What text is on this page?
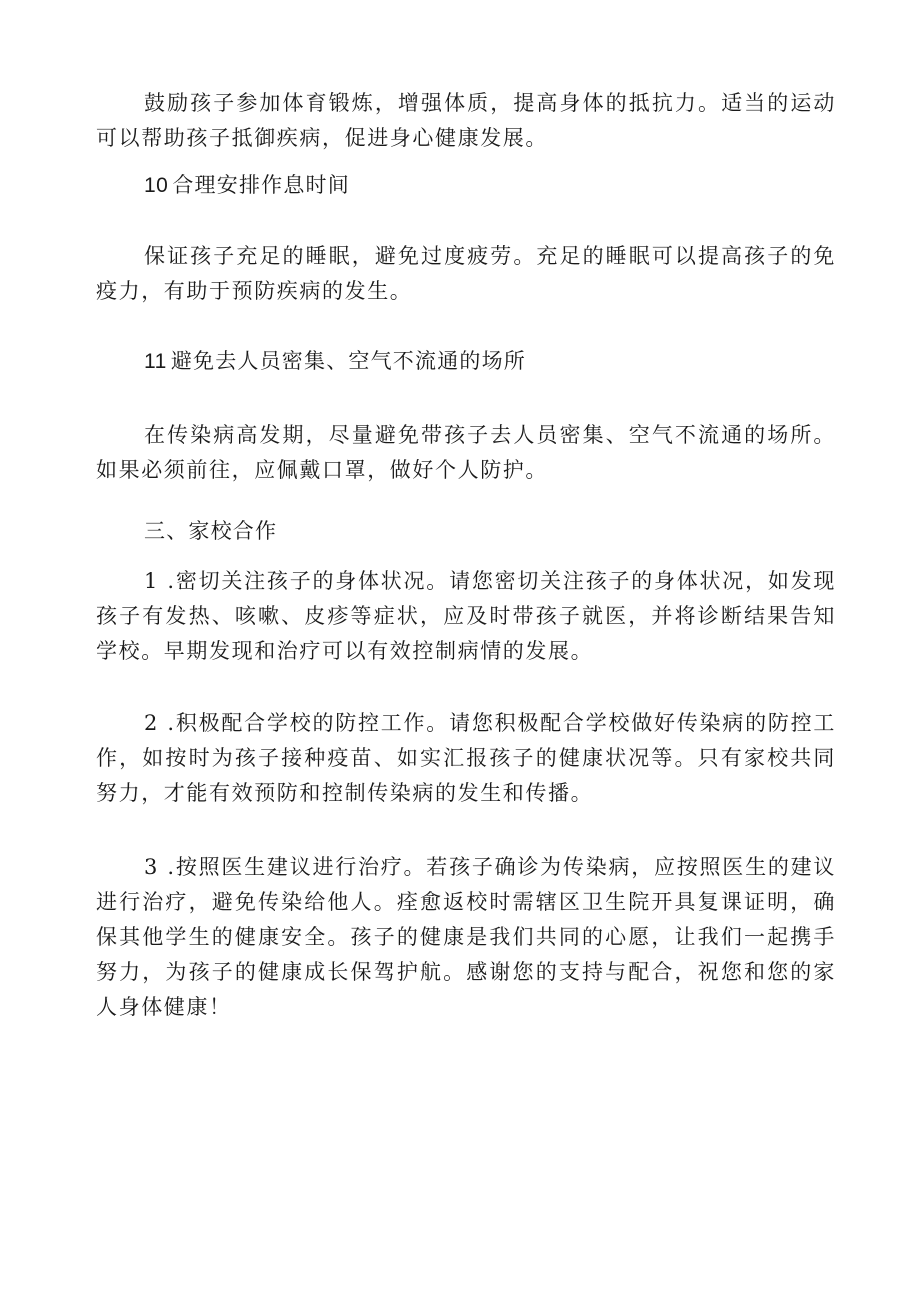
鼓励孩子参加体育锻炼，增强体质，提高身体的抵抗力。适当的运动可以帮助孩子抵御疾病，促进身心健康发展。

10 合理安排作息时间

保证孩子充足的睡眠，避免过度疲劳。充足的睡眠可以提高孩子的免疫力，有助于预防疾病的发生。

11 避免去人员密集、空气不流通的场所

在传染病高发期，尽量避免带孩子去人员密集、空气不流通的场所。如果必须前往，应佩戴口罩，做好个人防护。

三、家校合作

1 .密切关注孩子的身体状况。请您密切关注孩子的身体状况，如发现孩子有发热、咳嗽、皮疹等症状，应及时带孩子就医，并将诊断结果告知学校。早期发现和治疗可以有效控制病情的发展。

2 .积极配合学校的防控工作。请您积极配合学校做好传染病的防控工作，如按时为孩子接种疫苗、如实汇报孩子的健康状况等。只有家校共同努力，才能有效预防和控制传染病的发生和传播。

3 .按照医生建议进行治疗。若孩子确诊为传染病，应按照医生的建议进行治疗，避免传染给他人。痊愈返校时需辖区卫生院开具复课证明，确保其他学生的健康安全。孩子的健康是我们共同的心愿，让我们一起携手努力，为孩子的健康成长保驾护航。感谢您的支持与配合，祝您和您的家人身体健康！
